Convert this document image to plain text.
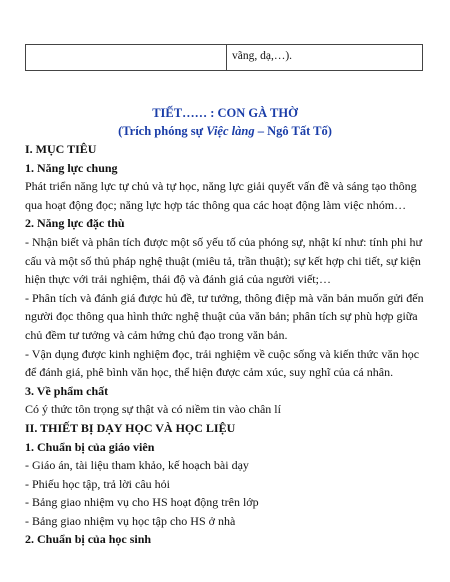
	vãng, dạ,…).
TIẾT…… : CON GÀ THỜ
(Trích phóng sự Việc làng – Ngô Tất Tố)

I. MỤC TIÊU

1. Năng lực chung

Phát triển năng lực tự chủ và tự học, năng lực giải quyết vấn đề và sáng tạo thông

qua hoạt động đọc; năng lực hợp tác thông qua các hoạt động làm việc nhóm…

2. Năng lực đặc thù

- Nhận biết và phân tích được một số yếu tố của phóng sự, nhật kí như: tính phi hư

cấu và một số thủ pháp nghệ thuật (miêu tả, trần thuật); sự kết hợp chi tiết, sự kiện

hiện thực với trải nghiệm, thái độ và đánh giá của người viết;…

- Phân tích và đánh giá được hủ đề, tư tưởng, thông điệp mà văn bản muốn gửi đến

người đọc thông qua hình thức nghệ thuật của văn bản; phân tích sự phù hợp giữa

chủ đềm tư tưởng và cảm hứng chủ đạo trong văn bản.

- Vận dụng được kinh nghiệm đọc, trải nghiệm về cuộc sống và kiến thức văn học

để đánh giá, phê bình văn học, thể hiện được cảm xúc, suy nghĩ của cá nhân.

3. Về phẩm chất

Có ý thức tôn trọng sự thật và có niềm tin vào chân lí

II. THIẾT BỊ DẠY HỌC VÀ HỌC LIỆU

1. Chuẩn bị của giáo viên

- Giáo án, tài liệu tham khảo, kế hoạch bài dạy

- Phiếu học tập, trả lời câu hỏi

- Bảng giao nhiệm vụ cho HS hoạt động trên lớp

- Bảng giao nhiệm vụ học tập cho HS ở nhà

2. Chuẩn bị của học sinh
